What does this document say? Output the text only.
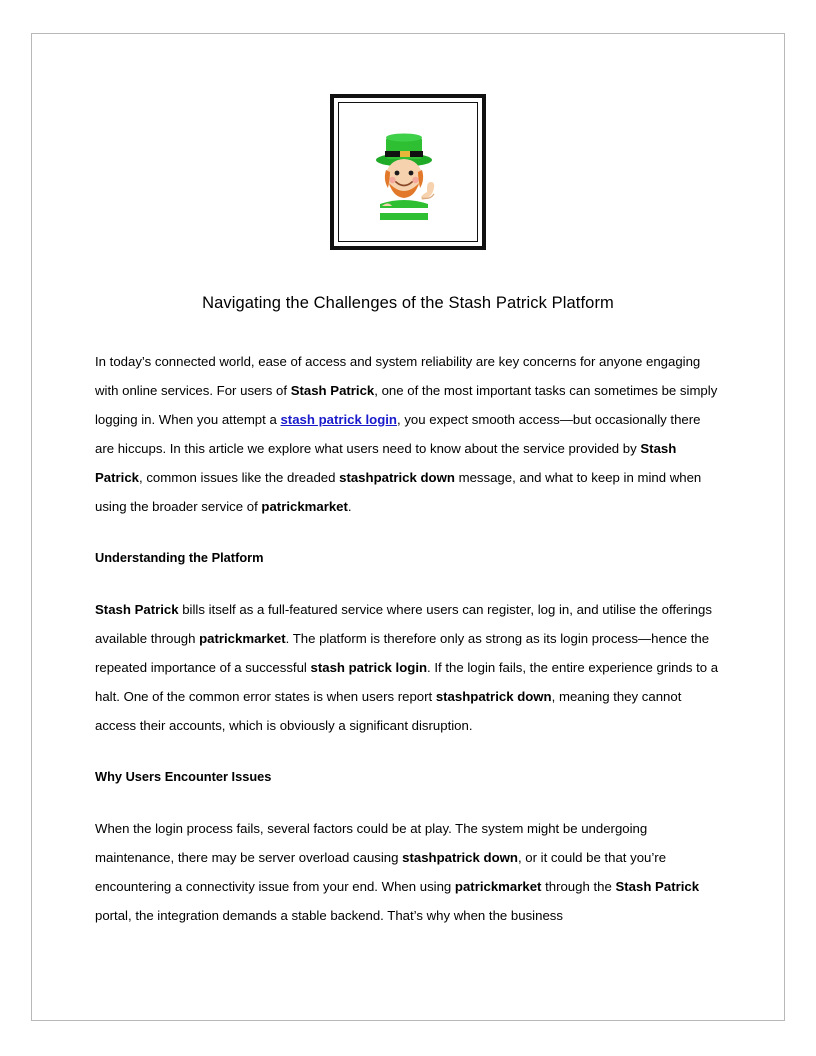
Navigating the Challenges of the Stash Patrick Platform

In today’s connected world, ease of access and system reliability are key concerns for anyone engaging with online services. For users of Stash Patrick, one of the most important tasks can sometimes be simply logging in. When you attempt a stash patrick login, you expect smooth access—but occasionally there are hiccups. In this article we explore what users need to know about the service provided by Stash Patrick, common issues like the dreaded stashpatrick down message, and what to keep in mind when using the broader service of patrickmarket.

Understanding the Platform

Stash Patrick bills itself as a full-featured service where users can register, log in, and utilise the offerings available through patrickmarket. The platform is therefore only as strong as its login process—hence the repeated importance of a successful stash patrick login. If the login fails, the entire experience grinds to a halt. One of the common error states is when users report stashpatrick down, meaning they cannot access their accounts, which is obviously a significant disruption.

Why Users Encounter Issues

When the login process fails, several factors could be at play. The system might be undergoing maintenance, there may be server overload causing stashpatrick down, or it could be that you’re encountering a connectivity issue from your end. When using patrickmarket through the Stash Patrick portal, the integration demands a stable backend. That’s why when the business
